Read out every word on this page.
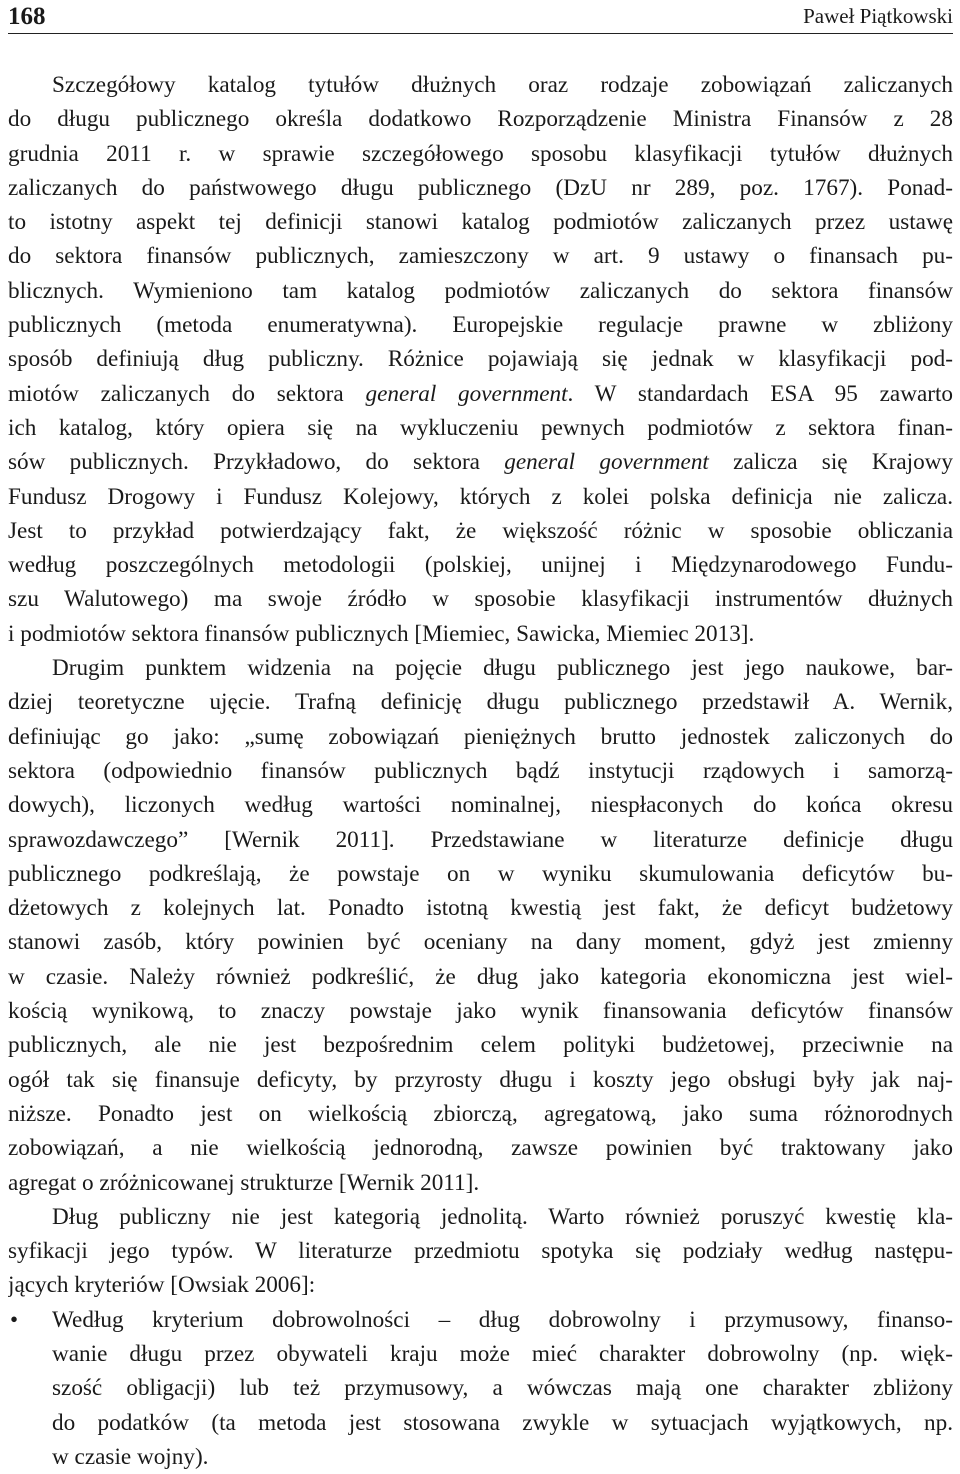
168	Paweł Piątkowski
Szczegółowy katalog tytułów dłużnych oraz rodzaje zobowiązań zaliczanych
do długu publicznego określa dodatkowo Rozporządzenie Ministra Finansów z 28
grudnia 2011 r. w sprawie szczegółowego sposobu klasyfikacji tytułów dłużnych
zaliczanych do państwowego długu publicznego (DzU nr 289, poz. 1767). Ponad-
to istotny aspekt tej definicji stanowi katalog podmiotów zaliczanych przez ustawę
do sektora finansów publicznych, zamieszczony w art. 9 ustawy o finansach pu-
blicznych. Wymieniono tam katalog podmiotów zaliczanych do sektora finansów
publicznych (metoda enumeratywna). Europejskie regulacje prawne w zbliżony
sposób definiują dług publiczny. Różnice pojawiają się jednak w klasyfikacji pod-
miotów zaliczanych do sektora general government. W standardach ESA 95 zawarto
ich katalog, który opiera się na wykluczeniu pewnych podmiotów z sektora finan-
sów publicznych. Przykładowo, do sektora general government zalicza się Krajowy
Fundusz Drogowy i Fundusz Kolejowy, których z kolei polska definicja nie zalicza.
Jest to przykład potwierdzający fakt, że większość różnic w sposobie obliczania
według poszczególnych metodologii (polskiej, unijnej i Międzynarodowego Fundu-
szu Walutowego) ma swoje źródło w sposobie klasyfikacji instrumentów dłużnych
i podmiotów sektora finansów publicznych [Miemiec, Sawicka, Miemiec 2013].
Drugim punktem widzenia na pojęcie długu publicznego jest jego naukowe, bar-
dziej teoretyczne ujęcie. Trafną definicję długu publicznego przedstawił A. Wernik,
definiując go jako: „sumę zobowiązań pieniężnych brutto jednostek zaliczonych do
sektora (odpowiednio finansów publicznych bądź instytucji rządowych i samorzą-
dowych), liczonych według wartości nominalnej, niespłaconych do końca okresu
sprawozdawczego” [Wernik 2011]. Przedstawiane w literaturze definicje długu
publicznego podkreślają, że powstaje on w wyniku skumulowania deficytów bu-
dżetowych z kolejnych lat. Ponadto istotną kwestią jest fakt, że deficyt budżetowy
stanowi zasób, który powinien być oceniany na dany moment, gdyż jest zmienny
w czasie. Należy również podkreślić, że dług jako kategoria ekonomiczna jest wiel-
kością wynikową, to znaczy powstaje jako wynik finansowania deficytów finansów
publicznych, ale nie jest bezpośrednim celem polityki budżetowej, przeciwnie na
ogół tak się finansuje deficyty, by przyrosty długu i koszty jego obsługi były jak naj-
niższe. Ponadto jest on wielkością zbiorczą, agregatową, jako suma różnorodnych
zobowiązań, a nie wielkością jednorodną, zawsze powinien być traktowany jako
agregat o zróżnicowanej strukturze [Wernik 2011].
Dług publiczny nie jest kategorią jednolitą. Warto również poruszyć kwestię kla-
syfikacji jego typów. W literaturze przedmiotu spotyka się podziały według następu-
jących kryteriów [Owsiak 2006]:
•	Według kryterium dobrowolności – dług dobrowolny i przymusowy, finanso-
wanie długu przez obywateli kraju może mieć charakter dobrowolny (np. więk-
szość obligacji) lub też przymusowy, a wówczas mają one charakter zbliżony
do podatków (ta metoda jest stosowana zwykle w sytuacjach wyjątkowych, np.
w czasie wojny).
